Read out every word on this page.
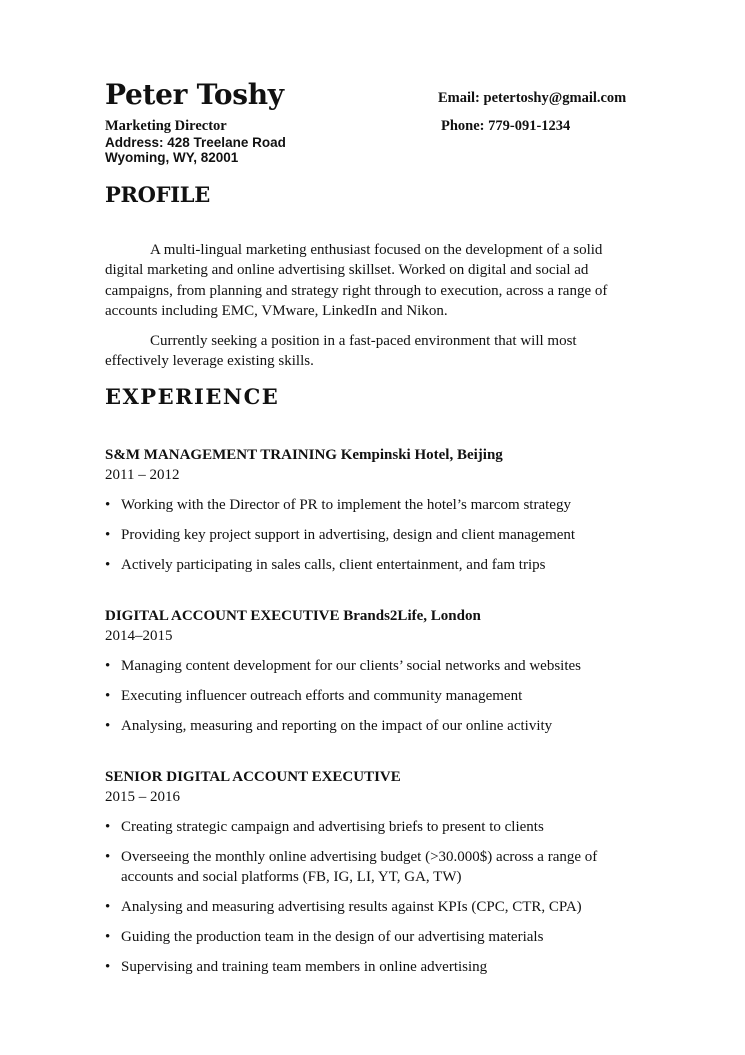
Peter Toshy
Marketing Director
Address: 428 Treelane Road
Wyoming, WY, 82001
Email: petertoshy@gmail.com
Phone: 779-091-1234
PROFILE

A multi-lingual marketing enthusiast focused on the development of a solid digital marketing and online advertising skillset. Worked on digital and social ad campaigns, from planning and strategy right through to execution, across a range of accounts including EMC, VMware, LinkedIn and Nikon.

Currently seeking a position in a fast-paced environment that will most effectively leverage existing skills.

EXPERIENCE
S&M MANAGEMENT TRAINING Kempinski Hotel, Beijing
2011 – 2012
• Working with the Director of PR to implement the hotel’s marcom strategy
• Providing key project support in advertising, design and client management
• Actively participating in sales calls, client entertainment, and fam trips
DIGITAL ACCOUNT EXECUTIVE Brands2Life, London
2014–2015
• Managing content development for our clients’ social networks and websites
• Executing influencer outreach efforts and community management
• Analysing, measuring and reporting on the impact of our online activity
SENIOR DIGITAL ACCOUNT EXECUTIVE
2015 – 2016
• Creating strategic campaign and advertising briefs to present to clients
• Overseeing the monthly online advertising budget (>30.000$) across a range of accounts and social platforms (FB, IG, LI, YT, GA, TW)
• Analysing and measuring advertising results against KPIs (CPC, CTR, CPA)
• Guiding the production team in the design of our advertising materials
• Supervising and training team members in online advertising
